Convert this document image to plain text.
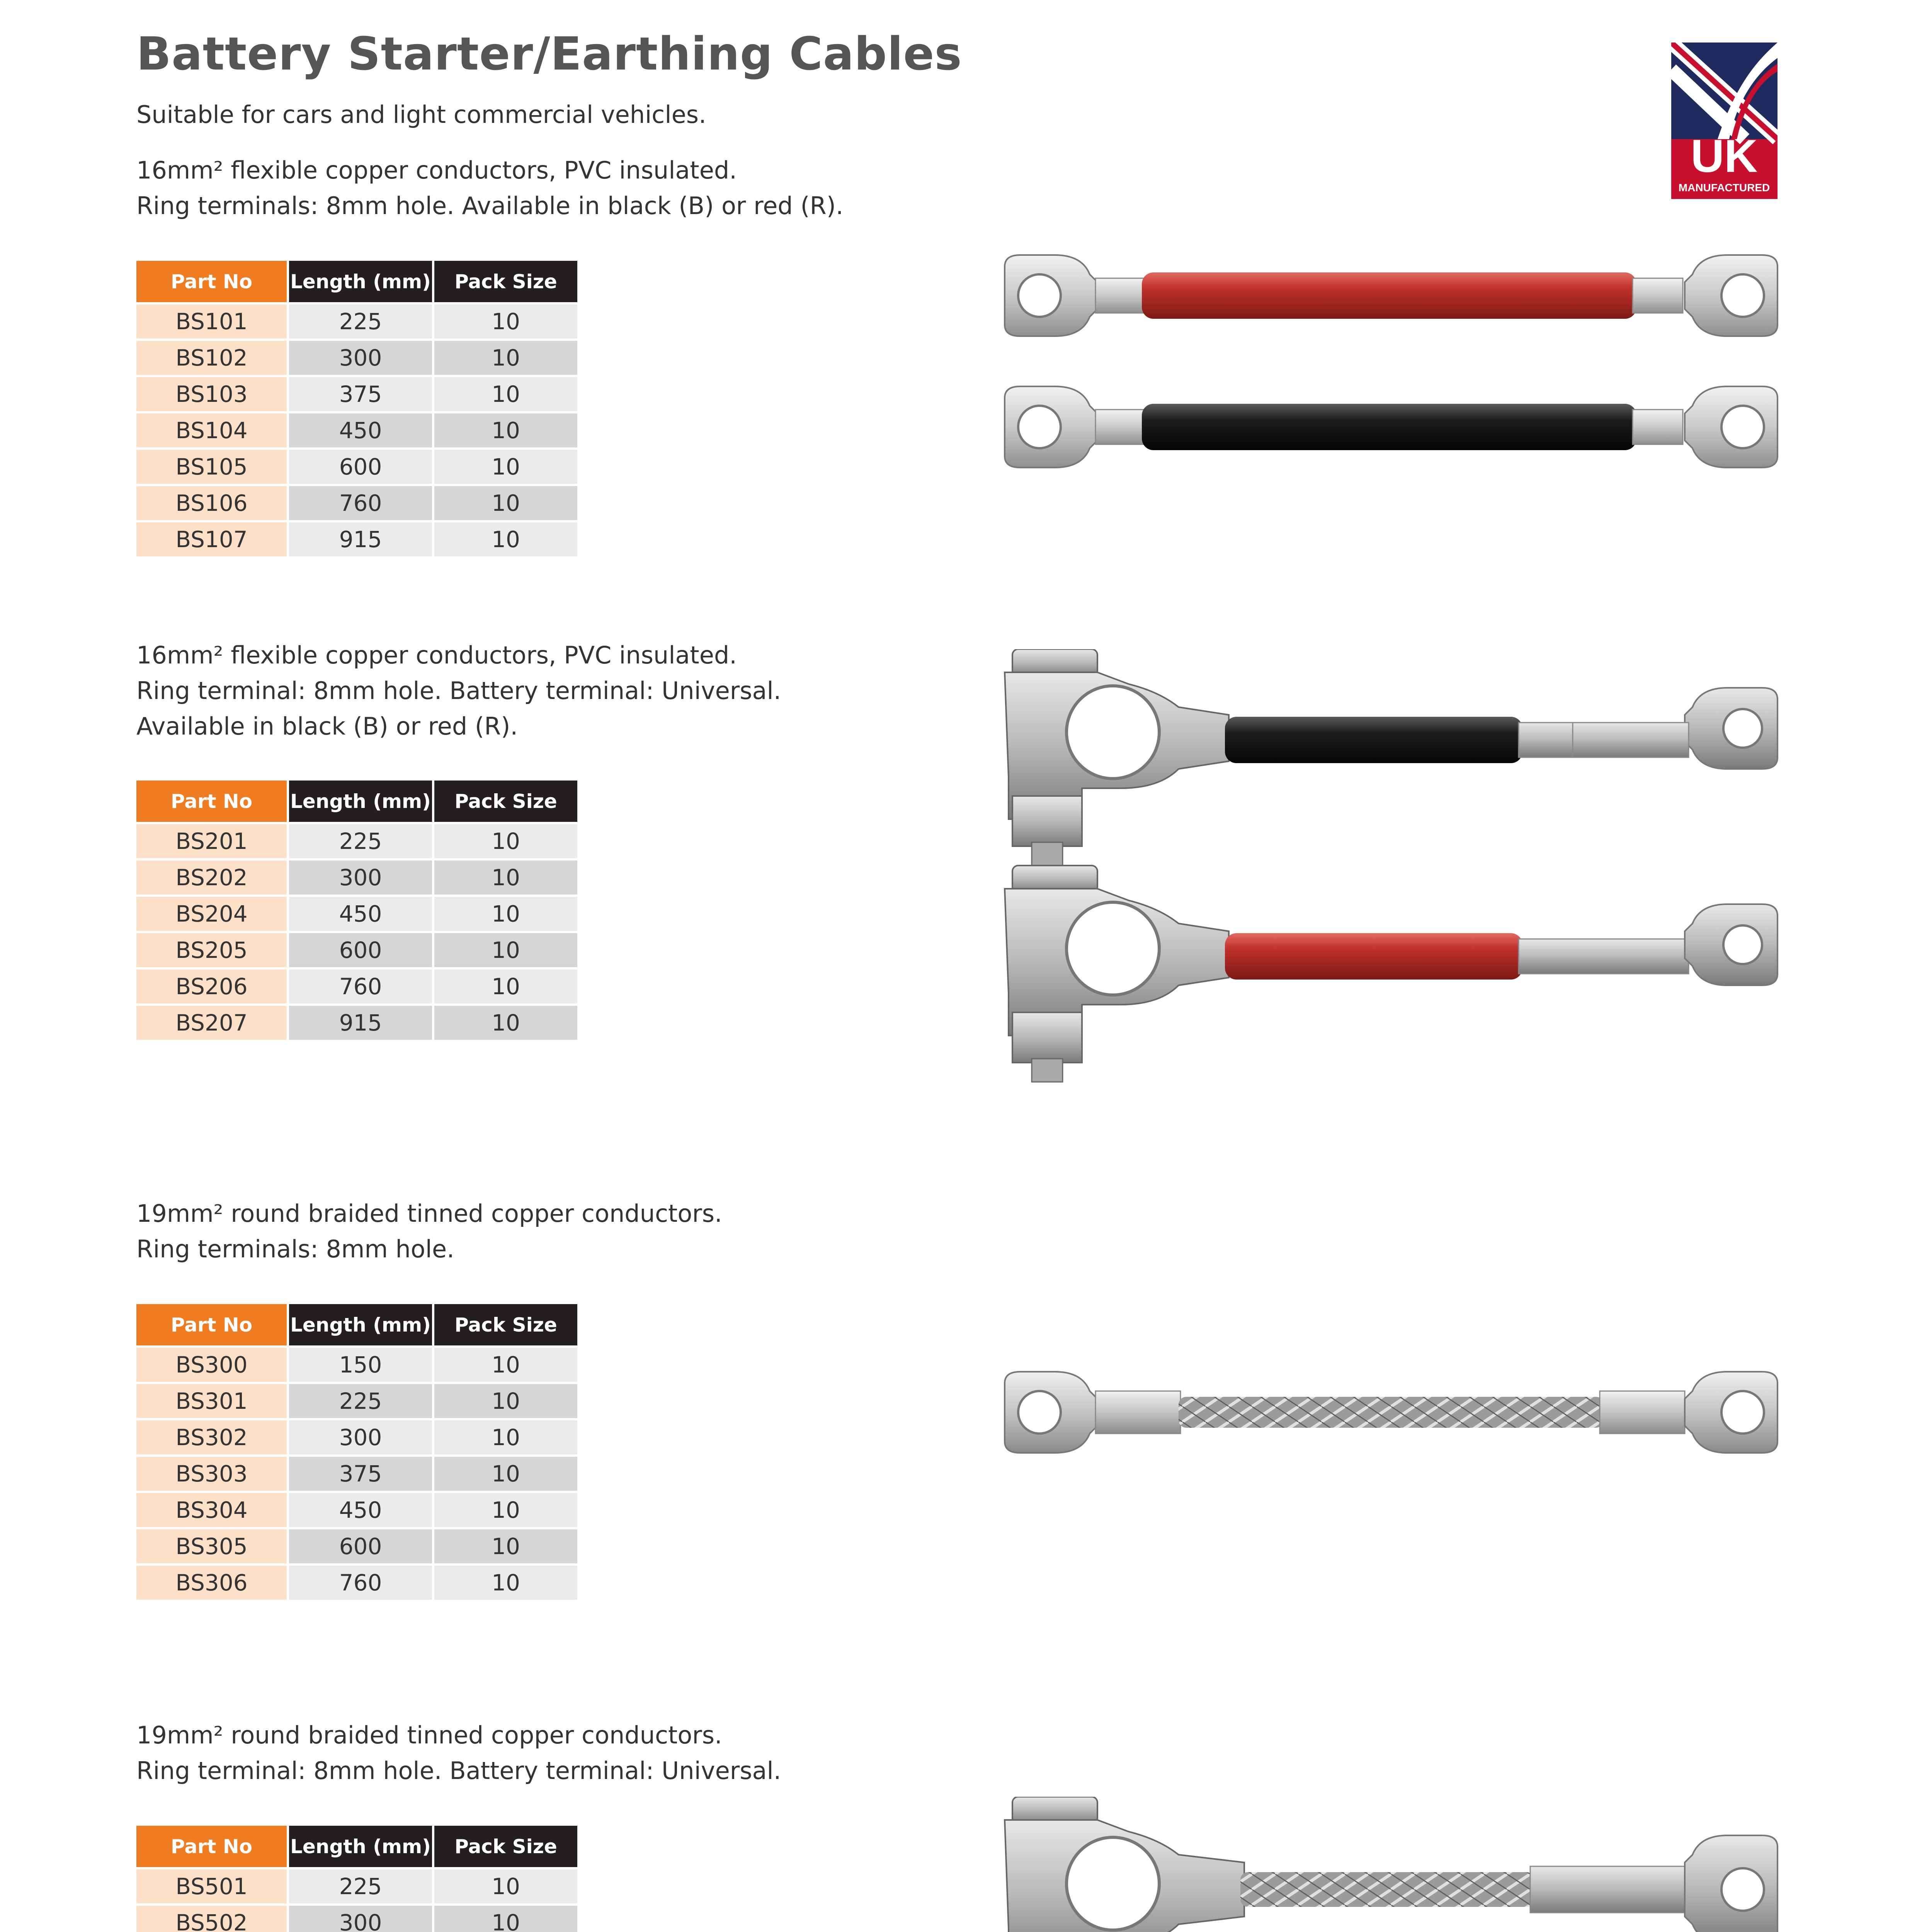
Battery Starter/Earthing Cables

Suitable for cars and light commercial vehicles.

UK
MANUFACTURED
16mm² flexible copper conductors, PVC insulated.
Ring terminals: 8mm hole. Available in black (B) or red (R).
Part No	Length (mm)	Pack Size
BS101	225	10
BS102	300	10
BS103	375	10
BS104	450	10
BS105	600	10
BS106	760	10
BS107	915	10
16mm² flexible copper conductors, PVC insulated.
Ring terminal: 8mm hole. Battery terminal: Universal.
Available in black (B) or red (R).
Part No	Length (mm)	Pack Size
BS201	225	10
BS202	300	10
BS204	450	10
BS205	600	10
BS206	760	10
BS207	915	10
19mm² round braided tinned copper conductors.
Ring terminals: 8mm hole.
Part No	Length (mm)	Pack Size
BS300	150	10
BS301	225	10
BS302	300	10
BS303	375	10
BS304	450	10
BS305	600	10
BS306	760	10
19mm² round braided tinned copper conductors.
Ring terminal: 8mm hole. Battery terminal: Universal.
Part No	Length (mm)	Pack Size
BS501	225	10
BS502	300	10
